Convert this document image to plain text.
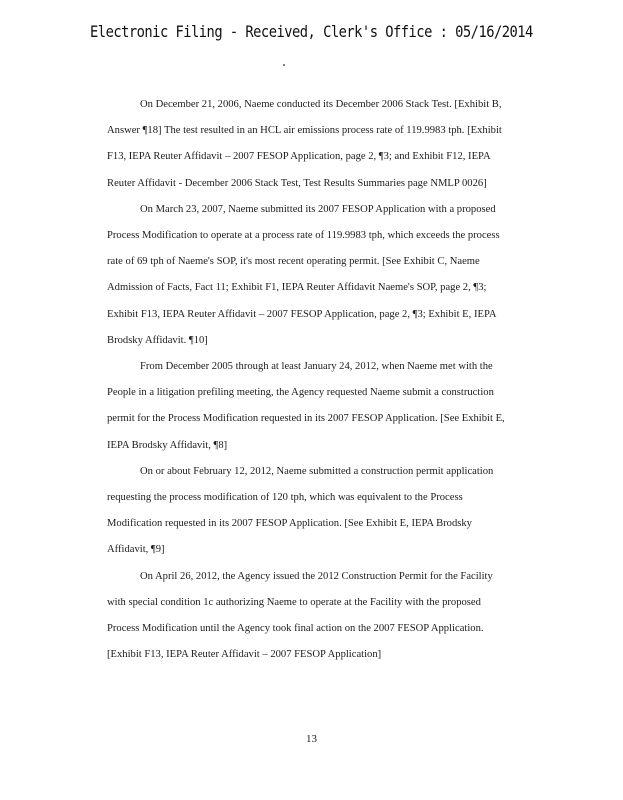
Electronic Filing - Received, Clerk's Office : 05/16/2014

On December 21, 2006, Naeme conducted its December 2006 Stack Test. [Exhibit B, Answer ¶18] The test resulted in an HCL air emissions process rate of 119.9983 tph. [Exhibit F13, IEPA Reuter Affidavit – 2007 FESOP Application, page 2, ¶3; and Exhibit F12, IEPA Reuter Affidavit - December 2006 Stack Test, Test Results Summaries page NMLP 0026]

On March 23, 2007, Naeme submitted its 2007 FESOP Application with a proposed Process Modification to operate at a process rate of 119.9983 tph, which exceeds the process rate of 69 tph of Naeme's SOP, it's most recent operating permit. [See Exhibit C, Naeme Admission of Facts, Fact 11; Exhibit F1, IEPA Reuter Affidavit Naeme's SOP, page 2, ¶3; Exhibit F13, IEPA Reuter Affidavit – 2007 FESOP Application, page 2, ¶3; Exhibit E, IEPA Brodsky Affidavit. ¶10]

From December 2005 through at least January 24, 2012, when Naeme met with the People in a litigation prefiling meeting, the Agency requested Naeme submit a construction permit for the Process Modification requested in its 2007 FESOP Application. [See Exhibit E, IEPA Brodsky Affidavit, ¶8]

On or about February 12, 2012, Naeme submitted a construction permit application requesting the process modification of 120 tph, which was equivalent to the Process Modification requested in its 2007 FESOP Application. [See Exhibit E, IEPA Brodsky Affidavit, ¶9]

On April 26, 2012, the Agency issued the 2012 Construction Permit for the Facility with special condition 1c authorizing Naeme to operate at the Facility with the proposed Process Modification until the Agency took final action on the 2007 FESOP Application. [Exhibit F13, IEPA Reuter Affidavit – 2007 FESOP Application]

13
